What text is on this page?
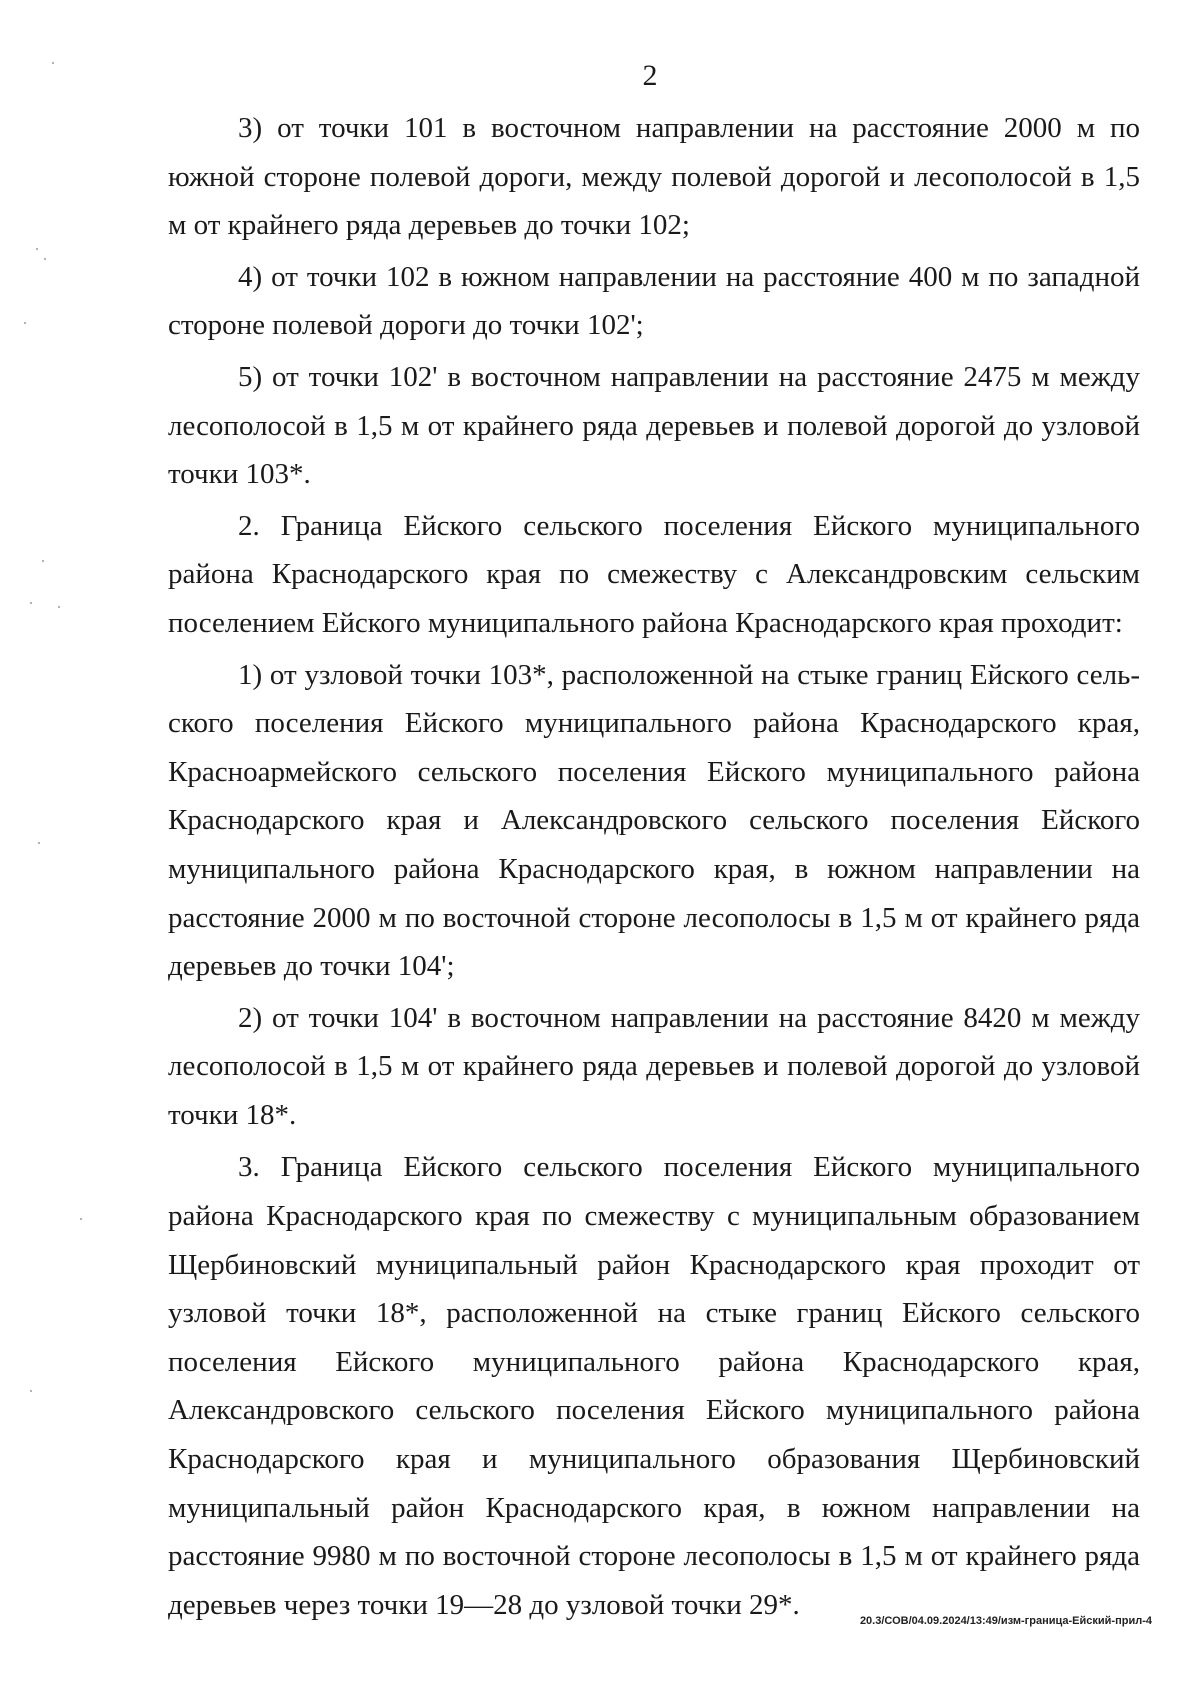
2

3) от точки 101 в восточном направлении на расстояние 2000 м по южной стороне полевой дороги, между полевой дорогой и лесополосой в 1,5 м от крайнего ряда деревьев до точки 102;

4) от точки 102 в южном направлении на расстояние 400 м по западной стороне полевой дороги до точки 102';

5) от точки 102' в восточном направлении на расстояние 2475 м между лесополосой в 1,5 м от крайнего ряда деревьев и полевой дорогой до узловой точки 103*.

2. Граница Ейского сельского поселения Ейского муниципального района Краснодарского края по смежеству с Александровским сельским поселением Ейского муниципального района Краснодарского края проходит:

1) от узловой точки 103*, расположенной на стыке границ Ейского сельского поселения Ейского муниципального района Краснодарского края, Красноармейского сельского поселения Ейского муниципального района Краснодарского края и Александровского сельского поселения Ейского муниципального района Краснодарского края, в южном направлении на расстояние 2000 м по восточной стороне лесополосы в 1,5 м от крайнего ряда деревьев до точки 104';

2) от точки 104' в восточном направлении на расстояние 8420 м между лесополосой в 1,5 м от крайнего ряда деревьев и полевой дорогой до узловой точки 18*.

3. Граница Ейского сельского поселения Ейского муниципального района Краснодарского края по смежеству с муниципальным образованием Щербиновский муниципальный район Краснодарского края проходит от узловой точки 18*, расположенной на стыке границ Ейского сельского поселения Ейского муниципального района Краснодарского края, Александровского сельского поселения Ейского муниципального района Краснодарского края и муниципального образования Щербиновский муниципальный район Краснодарского края, в южном направлении на расстояние 9980 м по восточной стороне лесополосы в 1,5 м от крайнего ряда деревьев через точки 19—28 до узловой точки 29*.

20.3/СОВ/04.09.2024/13:49/изм-граница-Ейский-прил-4
